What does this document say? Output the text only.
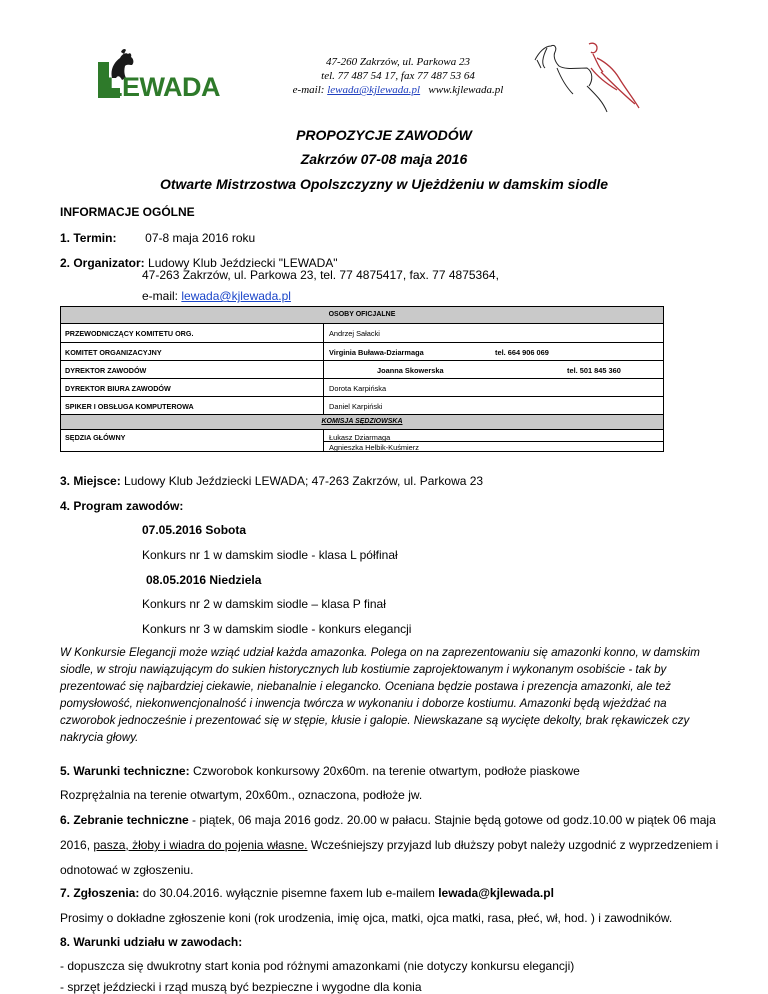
LEWADA
47-260 Zakrzów, ul. Parkowa 23
tel. 77 487 54 17, fax 77 487 53 64
e-mail: lewada@kjlewada.pl www.kjlewada.pl
PROPOZYCJE ZAWODÓW
Zakrzów 07-08 maja 2016
Otwarte Mistrzostwa Opolszczyzny w Ujeżdżeniu w damskim siodle
INFORMACJE OGÓLNE
1. Termin: 07-8 maja 2016 roku
2. Organizator: Ludowy Klub Jeździecki "LEWADA"
47-263 Zakrzów, ul. Parkowa 23, tel. 77 4875417, fax. 77 4875364,
e-mail: lewada@kjlewada.pl
OSOBY OFICJALNE
PRZEWODNICZĄCY KOMITETU ORG.	Andrzej Sałacki
KOMITET ORGANIZACYJNY	Virginia Buława-Dziarmaga	tel. 664 906 069
DYREKTOR ZAWODÓW	Joanna Skowerska	tel. 501 845 360
DYREKTOR BIURA ZAWODÓW	Dorota Karpińska
SPIKER I OBSŁUGA KOMPUTEROWA	Daniel Karpiński
KOMISJA SĘDZIOWSKA
SĘDZIA GŁÓWNY	Łukasz Dziarmaga
Agnieszka Helbik-Kuśmierz
3. Miejsce: Ludowy Klub Jeździecki LEWADA; 47-263 Zakrzów, ul. Parkowa 23
4. Program zawodów:
07.05.2016 Sobota
Konkurs nr 1 w damskim siodle - klasa L półfinał
08.05.2016 Niedziela
Konkurs nr 2 w damskim siodle – klasa P finał
Konkurs nr 3 w damskim siodle - konkurs elegancji
W Konkursie Elegancji może wziąć udział każda amazonka. Polega on na zaprezentowaniu się amazonki konno, w damskim
siodle, w stroju nawiązującym do sukien historycznych lub kostiumie zaprojektowanym i wykonanym osobiście - tak by
prezentować się najbardziej ciekawie, niebanalnie i elegancko. Oceniana będzie postawa i prezencja amazonki, ale też
pomysłowość, niekonwencjonalność i inwencja twórcza w wykonaniu i doborze kostiumu. Amazonki będą wjeżdżać na
czworobok jednocześnie i prezentować się w stępie, kłusie i galopie. Niewskazane są wycięte dekolty, brak rękawiczek czy
nakrycia głowy.
5. Warunki techniczne: Czworobok konkursowy 20x60m. na terenie otwartym, podłoże piaskowe
Rozprężalnia na terenie otwartym, 20x60m., oznaczona, podłoże jw.
6. Zebranie techniczne - piątek, 06 maja 2016 godz. 20.00 w pałacu. Stajnie będą gotowe od godz.10.00 w piątek 06 maja
2016, pasza, żłoby i wiadra do pojenia własne. Wcześniejszy przyjazd lub dłuższy pobyt należy uzgodnić z wyprzedzeniem i
odnotować w zgłoszeniu.
7. Zgłoszenia: do 30.04.2016. wyłącznie pisemne faxem lub e-mailem lewada@kjlewada.pl
Prosimy o dokładne zgłoszenie koni (rok urodzenia, imię ojca, matki, ojca matki, rasa, płeć, wł, hod. ) i zawodników.
8. Warunki udziału w zawodach:
- dopuszcza się dwukrotny start konia pod różnymi amazonkami (nie dotyczy konkursu elegancji)
- sprzęt jeździecki i rząd muszą być bezpieczne i wygodne dla konia
